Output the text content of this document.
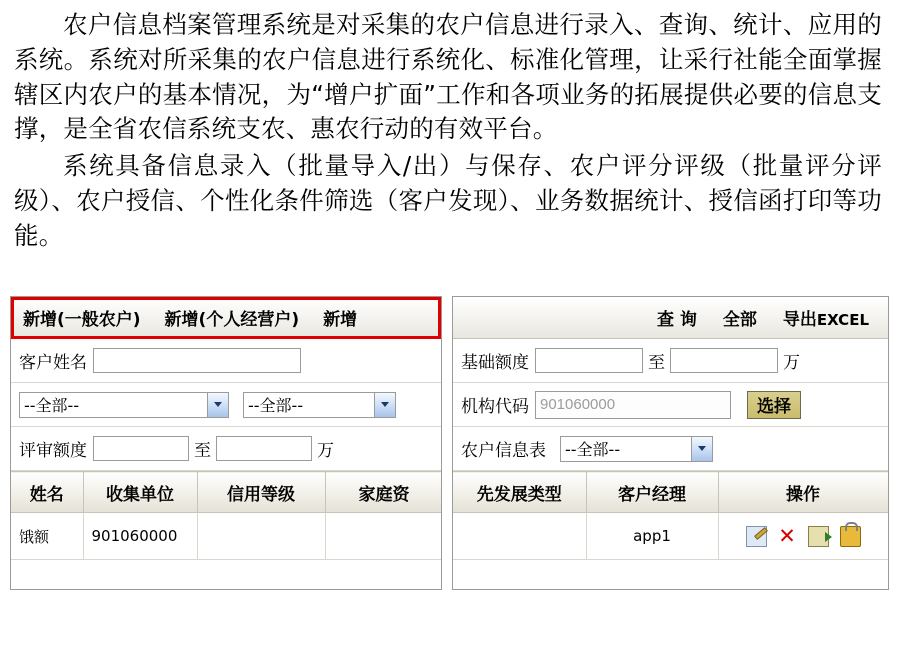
农户信息档案管理系统是对采集的农户信息进行录入、查询、统计、应用的系统。系统对所采集的农户信息进行系统化、标准化管理，让采行社能全面掌握辖区内农户的基本情况，为“增户扩面”工作和各项业务的拓展提供必要的信息支撑，是全省农信系统支农、惠农行动的有效平台。

系统具备信息录入（批量导入/出）与保存、农户评分评级（批量评分评级）、农户授信、个性化条件筛选（客户发现）、业务数据统计、授信函打印等功能。

新增(一般农户)	新增(个人经营户)	新增
客户姓名
--全部--	--全部--
评审额度	至	万
姓名	收集单位	信用等级	家庭资
饿额	901060000		
查 询	全部	导出EXCEL
基础额度	至	万
机构代码
901060000	选择
农户信息表 --全部--
先发展类型	客户经理	操作
	app1	✕
